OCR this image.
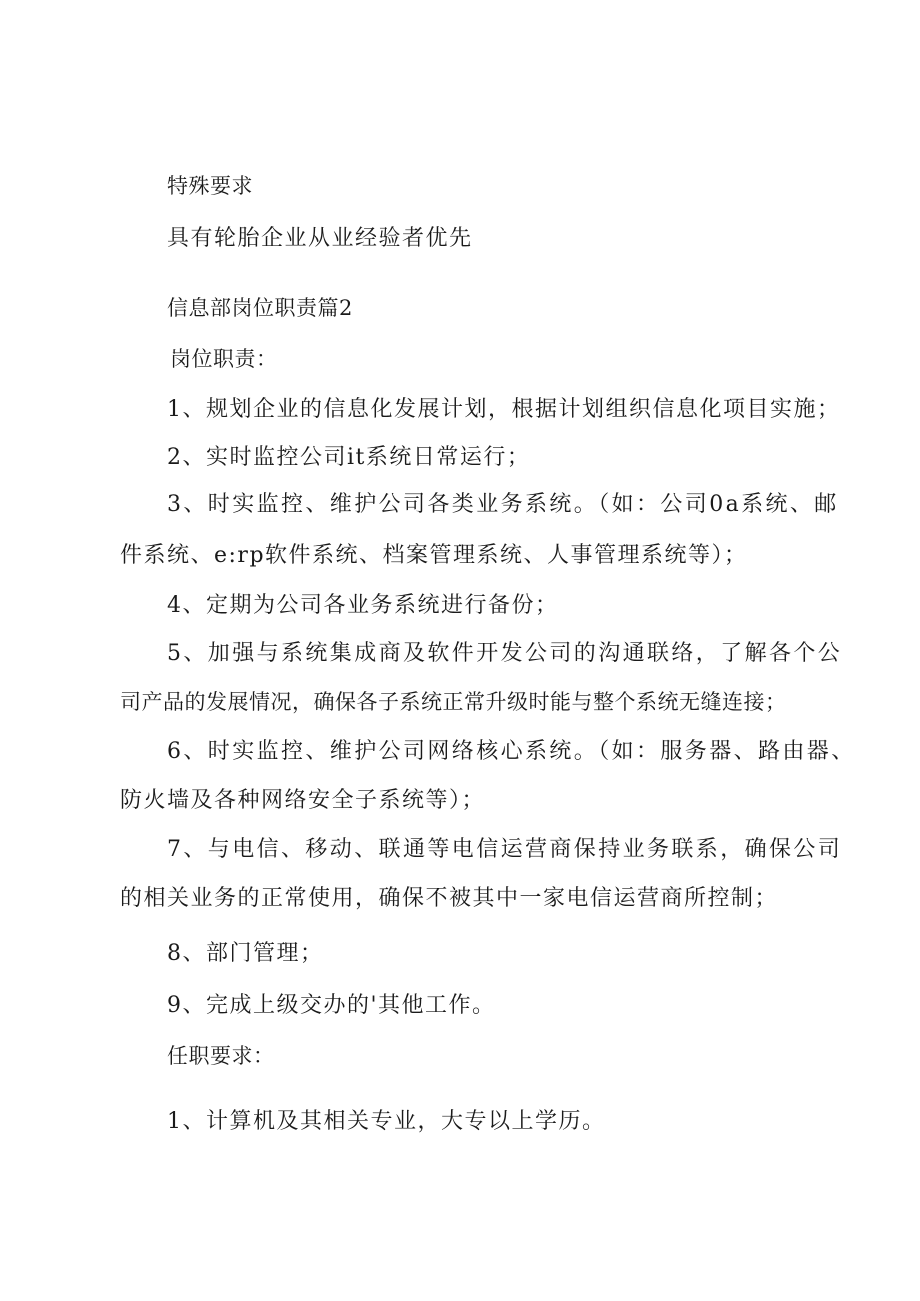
特殊要求

具有轮胎企业从业经验者优先

信息部岗位职责篇2

岗位职责：

1、规划企业的信息化发展计划，根据计划组织信息化项目实施；

2、实时监控公司it系统日常运行；

3、时实监控、维护公司各类业务系统。（如：公司0a系统、邮

件系统、e:rp软件系统、档案管理系统、人事管理系统等）；

4、定期为公司各业务系统进行备份；

5、加强与系统集成商及软件开发公司的沟通联络，了解各个公

司产品的发展情况，确保各子系统正常升级时能与整个系统无缝连接；

6、时实监控、维护公司网络核心系统。（如：服务器、路由器、

防火墙及各种网络安全子系统等）；

7、与电信、移动、联通等电信运营商保持业务联系，确保公司

的相关业务的正常使用，确保不被其中一家电信运营商所控制；

8、部门管理；

9、完成上级交办的'其他工作。

任职要求：

1、计算机及其相关专业，大专以上学历。
